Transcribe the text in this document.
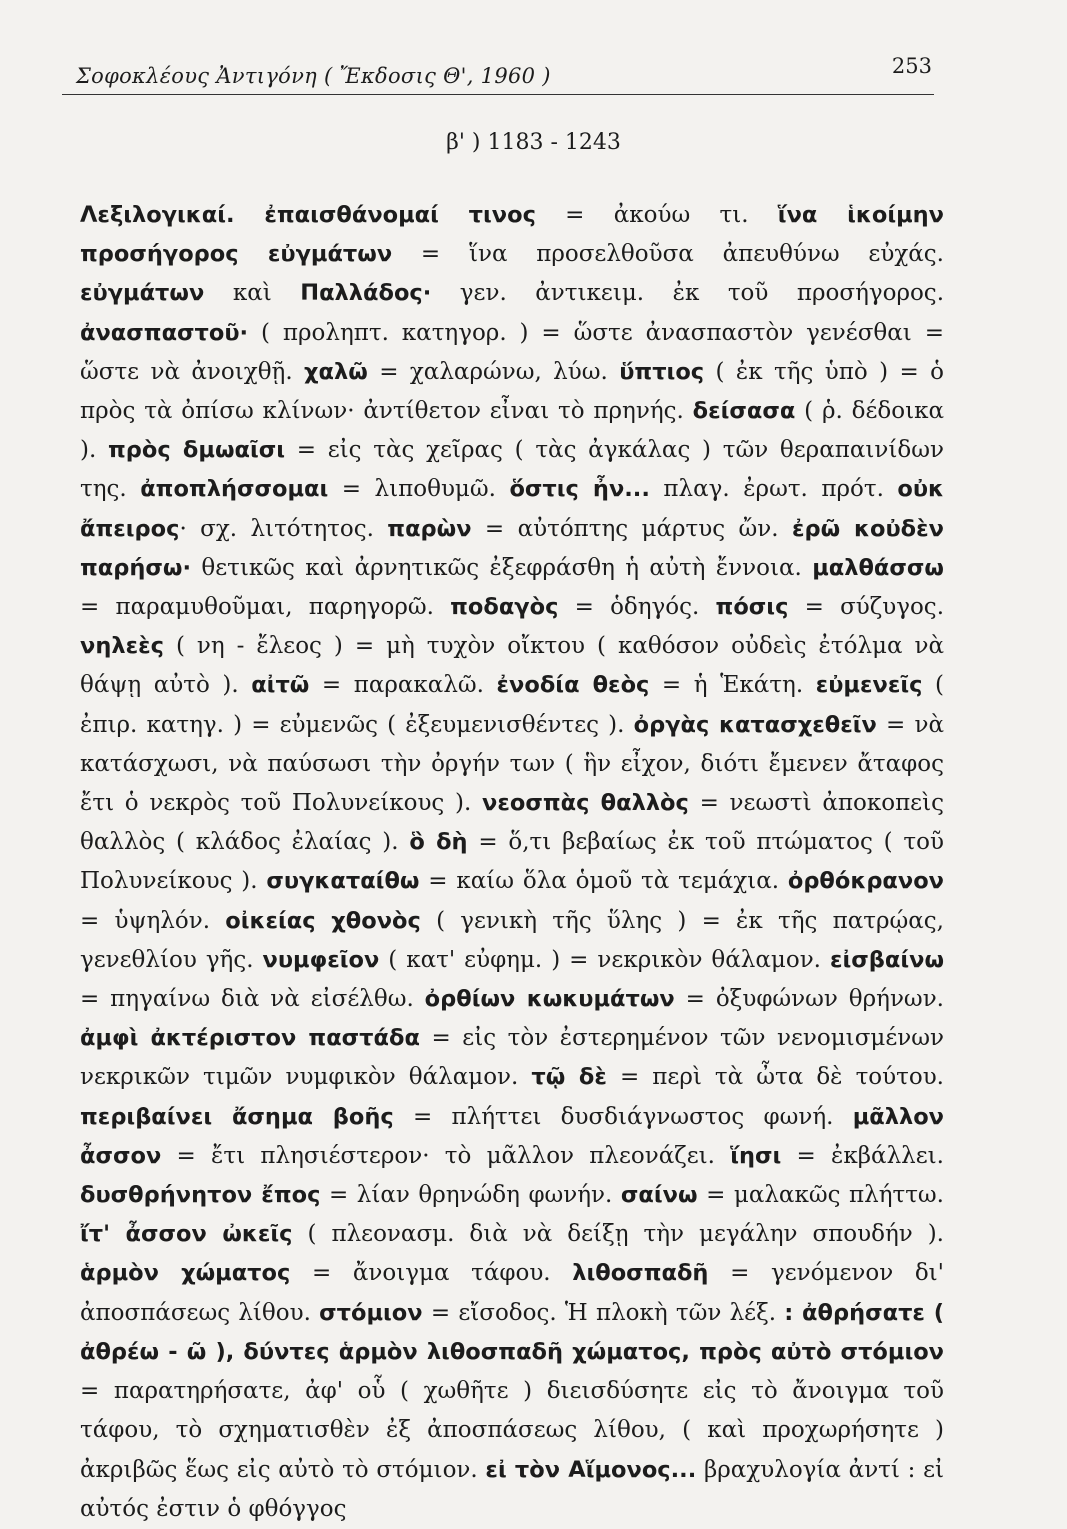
Σοφοκλέους Ἀντιγόνη ( Ἔκδοσις Θ', 1960 )	253
β' ) 1183 - 1243
Λεξιλογικαί. ἐπαισθάνομαί τινος = ἀκούω τι. ἵνα ἱκοίμην προσήγορος εὐγμάτων = ἵνα προσελθοῦσα ἀπευθύνω εὐχάς. εὐγμάτων καὶ Παλλάδος· γεν. ἀντικειμ. ἐκ τοῦ προσήγορος. ἀνασπαστοῦ· ( προληπτ. κατηγορ. ) = ὥστε ἀνασπαστὸν γενέσθαι = ὥστε νὰ ἀνοιχθῇ. χαλῶ = χαλαρώνω, λύω. ὕπτιος ( ἐκ τῆς ὑπὸ ) = ὁ πρὸς τὰ ὀπίσω κλίνων· ἀντίθετον εἶναι τὸ πρηνής. δείσασα ( ῥ. δέδοικα ). πρὸς δμωαῖσι = εἰς τὰς χεῖρας ( τὰς ἀγκάλας ) τῶν θεραπαινίδων της. ἀποπλήσσομαι = λιποθυμῶ. ὅστις ἦν... πλαγ. ἐρωτ. πρότ. οὐκ ἄπειρος· σχ. λιτότητος. παρὼν = αὐτόπτης μάρτυς ὤν. ἐρῶ κοὐδὲν παρήσω· θετικῶς καὶ ἀρνητικῶς ἐξεφράσθη ἡ αὐτὴ ἔννοια. μαλθάσσω = παραμυθοῦμαι, παρηγορῶ. ποδαγὸς = ὁδηγός. πόσις = σύζυγος. νηλεὲς ( νη - ἔλεος ) = μὴ τυχὸν οἴκτου ( καθόσον οὐδεὶς ἐτόλμα νὰ θάψῃ αὐτὸ ). αἰτῶ = παρακαλῶ. ἐνοδία θεὸς = ἡ Ἑκάτη. εὐμενεῖς ( ἐπιρ. κατηγ. ) = εὐμενῶς ( ἐξευμενισθέντες ). ὀργὰς κατασχεθεῖν = νὰ κατάσχωσι, νὰ παύσωσι τὴν ὀργήν των ( ἣν εἶχον, διότι ἔμενεν ἄταφος ἔτι ὁ νεκρὸς τοῦ Πολυνείκους ). νεοσπὰς θαλλὸς = νεωστὶ ἀποκοπεὶς θαλλὸς ( κλάδος ἐλαίας ). ὃ δὴ = ὅ,τι βεβαίως ἐκ τοῦ πτώματος ( τοῦ Πολυνείκους ). συγκαταίθω = καίω ὅλα ὁμοῦ τὰ τεμάχια. ὀρθόκρανον = ὑψηλόν. οἰκείας χθονὸς ( γενικὴ τῆς ὕλης ) = ἐκ τῆς πατρῴας, γενεθλίου γῆς. νυμφεῖον ( κατ' εὐφημ. ) = νεκρικὸν θάλαμον. εἰσβαίνω = πηγαίνω διὰ νὰ εἰσέλθω. ὀρθίων κωκυμάτων = ὀξυφώνων θρήνων. ἀμφὶ ἀκτέριστον παστάδα = εἰς τὸν ἐστερημένον τῶν νενομισμένων νεκρικῶν τιμῶν νυμφικὸν θάλαμον. τῷ δὲ = περὶ τὰ ὦτα δὲ τούτου. περιβαίνει ἄσημα βοῆς = πλήττει δυσδιάγνωστος φωνή. μᾶλλον ἆσσον = ἔτι πλησιέστερον· τὸ μᾶλλον πλεονάζει. ἵησι = ἐκβάλλει. δυσθρήνητον ἔπος = λίαν θρηνώδη φωνήν. σαίνω = μαλακῶς πλήττω. ἴτ' ἆσσον ὠκεῖς ( πλεονασμ. διὰ νὰ δείξῃ τὴν μεγάλην σπουδήν ). ἁρμὸν χώματος = ἄνοιγμα τάφου. λιθοσπαδῆ = γενόμενον δι' ἀποσπάσεως λίθου. στόμιον = εἴσοδος. Ἡ πλοκὴ τῶν λέξ. : ἀθρήσατε ( ἀθρέω - ῶ ), δύντες ἁρμὸν λιθοσπαδῆ χώματος, πρὸς αὐτὸ στόμιον = παρατηρήσατε, ἀφ' οὗ ( χωθῆτε ) διεισδύσητε εἰς τὸ ἄνοιγμα τοῦ τάφου, τὸ σχηματισθὲν ἐξ ἀποσπάσεως λίθου, ( καὶ προχωρήσητε ) ἀκριβῶς ἕως εἰς αὐτὸ τὸ στόμιον. εἰ τὸν Αἵμονος... βραχυλογία ἀντί : εἰ αὐτός ἐστιν ὁ φθόγγος
